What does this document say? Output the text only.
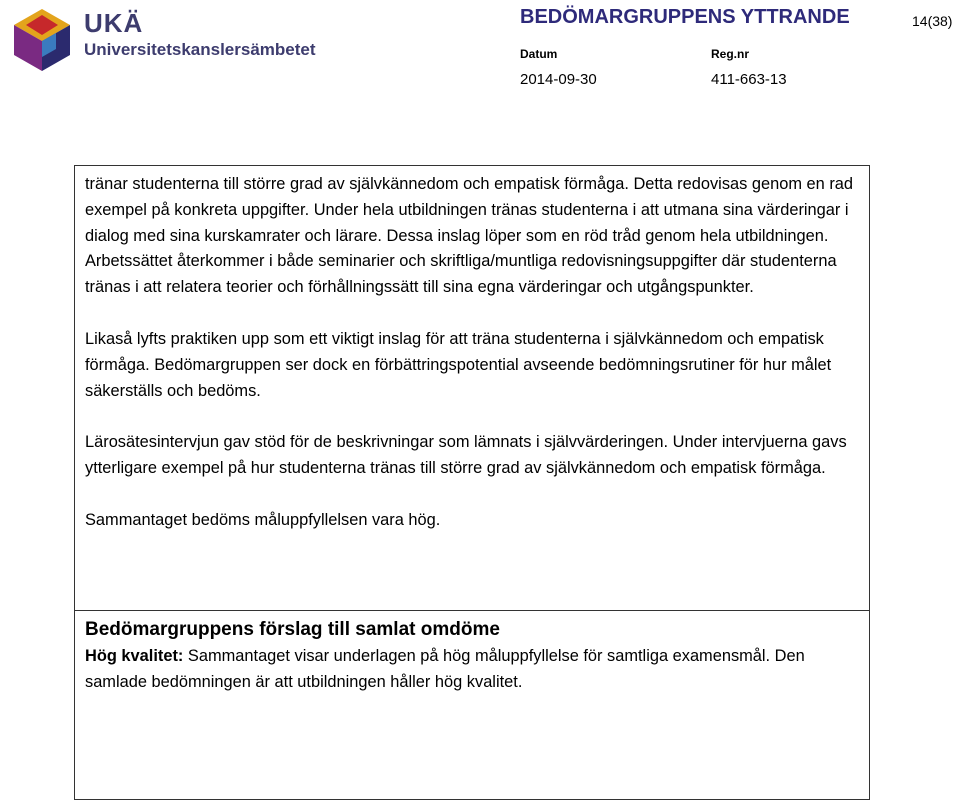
UKÄ
Universitetskanslersämbetet
BEDÖMARGRUPPENS YTTRANDE	14(38)
Datum	Reg.nr
2014-09-30	411-663-13

tränar studenterna till större grad av självkännedom och empatisk förmåga. Detta redovisas genom en rad exempel på konkreta uppgifter. Under hela utbildningen tränas studenterna i att utmana sina värderingar i dialog med sina kurskamrater och lärare. Dessa inslag löper som en röd tråd genom hela utbildningen. Arbetssättet återkommer i både seminarier och skriftliga/muntliga redovisningsuppgifter där studenterna tränas i att relatera teorier och förhållningssätt till sina egna värderingar och utgångspunkter.

Likaså lyfts praktiken upp som ett viktigt inslag för att träna studenterna i självkännedom och empatisk förmåga. Bedömargruppen ser dock en förbättringspotential avseende bedömningsrutiner för hur målet säkerställs och bedöms.

Lärosätesintervjun gav stöd för de beskrivningar som lämnats i självvärderingen. Under intervjuerna gavs ytterligare exempel på hur studenterna tränas till större grad av självkännedom och empatisk förmåga.

Sammantaget bedöms måluppfyllelsen vara hög.

Bedömargruppens förslag till samlat omdöme

Hög kvalitet: Sammantaget visar underlagen på hög måluppfyllelse för samtliga examensmål. Den samlade bedömningen är att utbildningen håller hög kvalitet.
